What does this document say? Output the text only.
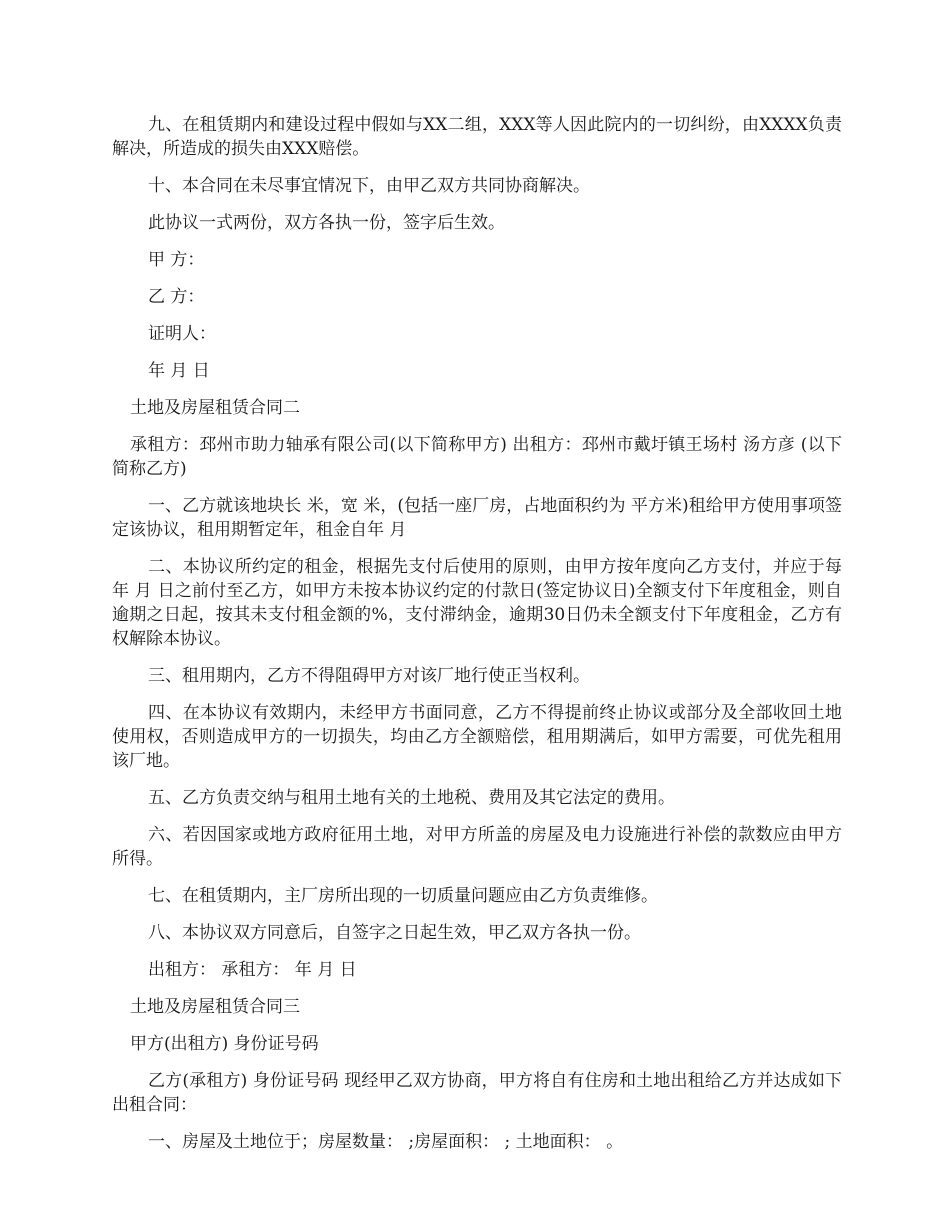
九、在租赁期内和建设过程中假如与XX二组，XXX等人因此院内的一切纠纷，由XXXX负责解决，所造成的损失由XXX赔偿。

十、本合同在未尽事宜情况下，由甲乙双方共同协商解决。

此协议一式两份，双方各执一份，签字后生效。

甲 方：

乙 方：

证明人：

年 月 日

土地及房屋租赁合同二

承租方：邳州市助力轴承有限公司(以下简称甲方) 出租方：邳州市戴圩镇王场村 汤方彦 (以下简称乙方)

一、乙方就该地块长 米，宽 米，(包括一座厂房，占地面积约为 平方米)租给甲方使用事项签定该协议，租用期暂定年，租金自年 月

二、本协议所约定的租金，根据先支付后使用的原则，由甲方按年度向乙方支付，并应于每年 月 日之前付至乙方，如甲方未按本协议约定的付款日(签定协议日)全额支付下年度租金，则自逾期之日起，按其未支付租金额的%，支付滞纳金，逾期30日仍未全额支付下年度租金，乙方有权解除本协议。

三、租用期内，乙方不得阻碍甲方对该厂地行使正当权利。

四、在本协议有效期内，未经甲方书面同意，乙方不得提前终止协议或部分及全部收回土地使用权，否则造成甲方的一切损失，均由乙方全额赔偿，租用期满后，如甲方需要，可优先租用该厂地。

五、乙方负责交纳与租用土地有关的土地税、费用及其它法定的费用。

六、若因国家或地方政府征用土地，对甲方所盖的房屋及电力设施进行补偿的款数应由甲方所得。

七、在租赁期内，主厂房所出现的一切质量问题应由乙方负责维修。

八、本协议双方同意后，自签字之日起生效，甲乙双方各执一份。

出租方： 承租方： 年 月 日

土地及房屋租赁合同三

甲方(出租方) 身份证号码

乙方(承租方) 身份证号码 现经甲乙双方协商，甲方将自有住房和土地出租给乙方并达成如下出租合同：

一、房屋及土地位于；房屋数量： ;房屋面积： ; 土地面积： 。
